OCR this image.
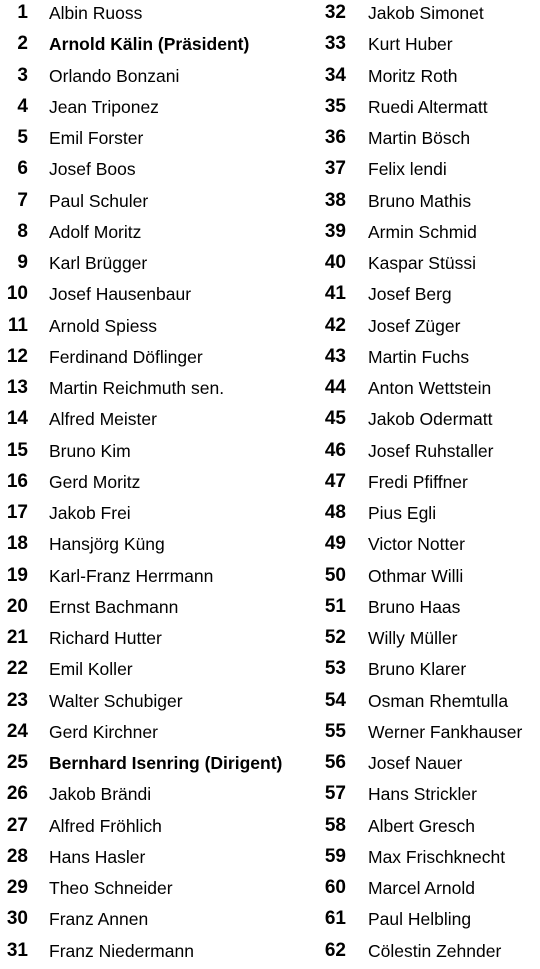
1 Albin Ruoss
2 Arnold Kälin (Präsident)
3 Orlando Bonzani
4 Jean Triponez
5 Emil Forster
6 Josef Boos
7 Paul Schuler
8 Adolf Moritz
9 Karl Brügger
10 Josef Hausenbaur
11 Arnold Spiess
12 Ferdinand Döflinger
13 Martin Reichmuth sen.
14 Alfred Meister
15 Bruno Kim
16 Gerd Moritz
17 Jakob Frei
18 Hansjörg Küng
19 Karl-Franz Herrmann
20 Ernst Bachmann
21 Richard Hutter
22 Emil Koller
23 Walter Schubiger
24 Gerd Kirchner
25 Bernhard Isenring (Dirigent)
26 Jakob Brändi
27 Alfred Fröhlich
28 Hans Hasler
29 Theo Schneider
30 Franz Annen
31 Franz Niedermann
32 Jakob Simonet
33 Kurt Huber
34 Moritz Roth
35 Ruedi Altermatt
36 Martin Bösch
37 Felix lendi
38 Bruno Mathis
39 Armin Schmid
40 Kaspar Stüssi
41 Josef Berg
42 Josef Züger
43 Martin Fuchs
44 Anton Wettstein
45 Jakob Odermatt
46 Josef Ruhstaller
47 Fredi Pfiffner
48 Pius Egli
49 Victor Notter
50 Othmar Willi
51 Bruno Haas
52 Willy Müller
53 Bruno Klarer
54 Osman Rhemtulla
55 Werner Fankhauser
56 Josef Nauer
57 Hans Strickler
58 Albert Gresch
59 Max Frischknecht
60 Marcel Arnold
61 Paul Helbling
62 Cölestin Zehnder
